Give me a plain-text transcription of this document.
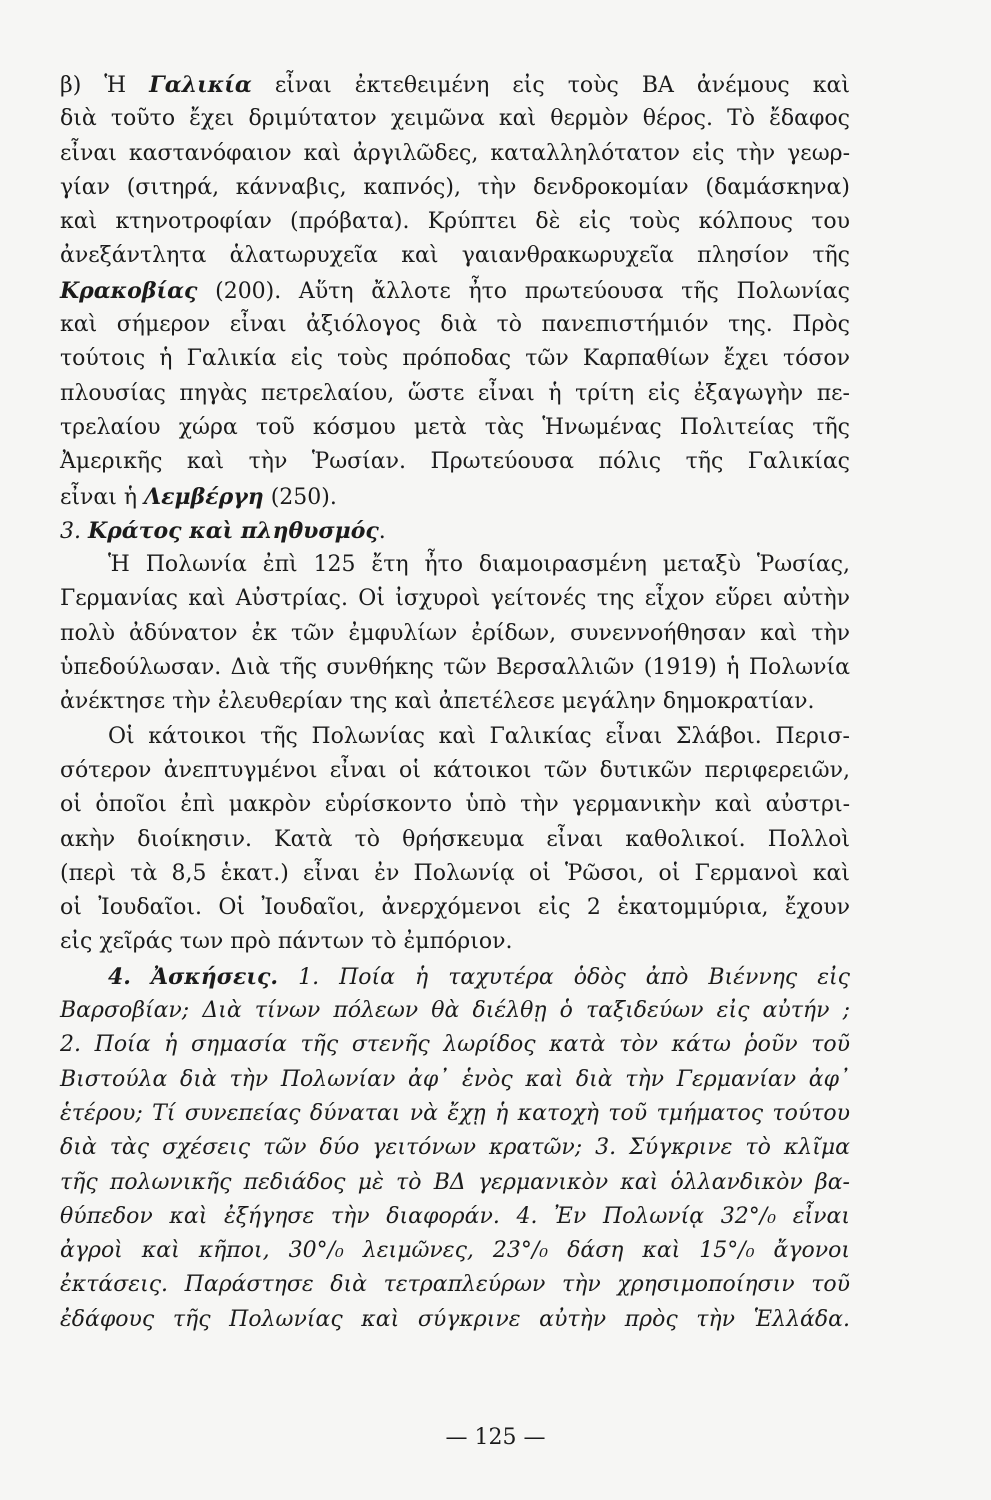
β) Ἡ Γαλικία εἶναι ἐκτεθειμένη εἰς τοὺς ΒΑ ἀνέμους καὶ
διὰ τοῦτο ἔχει δριμύτατον χειμῶνα καὶ θερμὸν θέρος. Τὸ ἔδαφος
εἶναι καστανόφαιον καὶ ἀργιλῶδες, καταλληλότατον εἰς τὴν γεωρ-
γίαν (σιτηρά, κάνναβις, καπνός), τὴν δενδροκομίαν (δαμάσκηνα)
καὶ κτηνοτροφίαν (πρόβατα). Κρύπτει δὲ εἰς τοὺς κόλπους του
ἀνεξάντλητα ἁλατωρυχεῖα καὶ γαιανθρακωρυχεῖα πλησίον τῆς
Κρακοβίας (200). Αὕτη ἄλλοτε ἦτο πρωτεύουσα τῆς Πολωνίας
καὶ σήμερον εἶναι ἀξιόλογος διὰ τὸ πανεπιστήμιόν της. Πρὸς
τούτοις ἡ Γαλικία εἰς τοὺς πρόποδας τῶν Καρπαθίων ἔχει τόσον
πλουσίας πηγὰς πετρελαίου, ὥστε εἶναι ἡ τρίτη εἰς ἐξαγωγὴν πε-
τρελαίου χώρα τοῦ κόσμου μετὰ τὰς Ἡνωμένας Πολιτείας τῆς
Ἀμερικῆς καὶ τὴν Ῥωσίαν. Πρωτεύουσα πόλις τῆς Γαλικίας
εἶναι ἡ Λεμβέργη (250).
3. Κράτος καὶ πληθυσμός.
Ἡ Πολωνία ἐπὶ 125 ἔτη ἦτο διαμοιρασμένη μεταξὺ Ῥωσίας,
Γερμανίας καὶ Αὐστρίας. Οἱ ἰσχυροὶ γείτονές της εἶχον εὕρει αὐτὴν
πολὺ ἀδύνατον ἐκ τῶν ἐμφυλίων ἐρίδων, συνεννοήθησαν καὶ τὴν
ὑπεδούλωσαν. Διὰ τῆς συνθήκης τῶν Βερσαλλιῶν (1919) ἡ Πολωνία
ἀνέκτησε τὴν ἐλευθερίαν της καὶ ἀπετέλεσε μεγάλην δημοκρατίαν.
Οἱ κάτοικοι τῆς Πολωνίας καὶ Γαλικίας εἶναι Σλάβοι. Περισ-
σότερον ἀνεπτυγμένοι εἶναι οἱ κάτοικοι τῶν δυτικῶν περιφερειῶν,
οἱ ὁποῖοι ἐπὶ μακρὸν εὑρίσκοντο ὑπὸ τὴν γερμανικὴν καὶ αὐστρι-
ακὴν διοίκησιν. Κατὰ τὸ θρήσκευμα εἶναι καθολικοί. Πολλοὶ
(περὶ τὰ 8,5 ἑκατ.) εἶναι ἐν Πολωνίᾳ οἱ Ῥῶσοι, οἱ Γερμανοὶ καὶ
οἱ Ἰουδαῖοι. Οἱ Ἰουδαῖοι, ἀνερχόμενοι εἰς 2 ἑκατομμύρια, ἔχουν
εἰς χεῖράς των πρὸ πάντων τὸ ἐμπόριον.
4. Ἀσκήσεις. 1. Ποία ἡ ταχυτέρα ὁδὸς ἀπὸ Βιέννης εἰς
Βαρσοβίαν; Διὰ τίνων πόλεων θὰ διέλθῃ ὁ ταξιδεύων εἰς αὐτήν ;
2. Ποία ἡ σημασία τῆς στενῆς λωρίδος κατὰ τὸν κάτω ῥοῦν τοῦ
Βιστούλα διὰ τὴν Πολωνίαν ἀφ᾿ ἑνὸς καὶ διὰ τὴν Γερμανίαν ἀφ᾿
ἑτέρου; Τί συνεπείας δύναται νὰ ἔχῃ ἡ κατοχὴ τοῦ τμήματος τούτου
διὰ τὰς σχέσεις τῶν δύο γειτόνων κρατῶν; 3. Σύγκρινε τὸ κλῖμα
τῆς πολωνικῆς πεδιάδος μὲ τὸ ΒΔ γερμανικὸν καὶ ὁλλανδικὸν βα-
θύπεδον καὶ ἐξήγησε τὴν διαφοράν. 4. Ἐν Πολωνίᾳ 32°/₀ εἶναι
ἀγροὶ καὶ κῆποι, 30°/₀ λειμῶνες, 23°/₀ δάση καὶ 15°/₀ ἄγονοι
ἐκτάσεις. Παράστησε διὰ τετραπλεύρων τὴν χρησιμοποίησιν τοῦ
ἐδάφους τῆς Πολωνίας καὶ σύγκρινε αὐτὴν πρὸς τὴν Ἑλλάδα.
— 125 —
